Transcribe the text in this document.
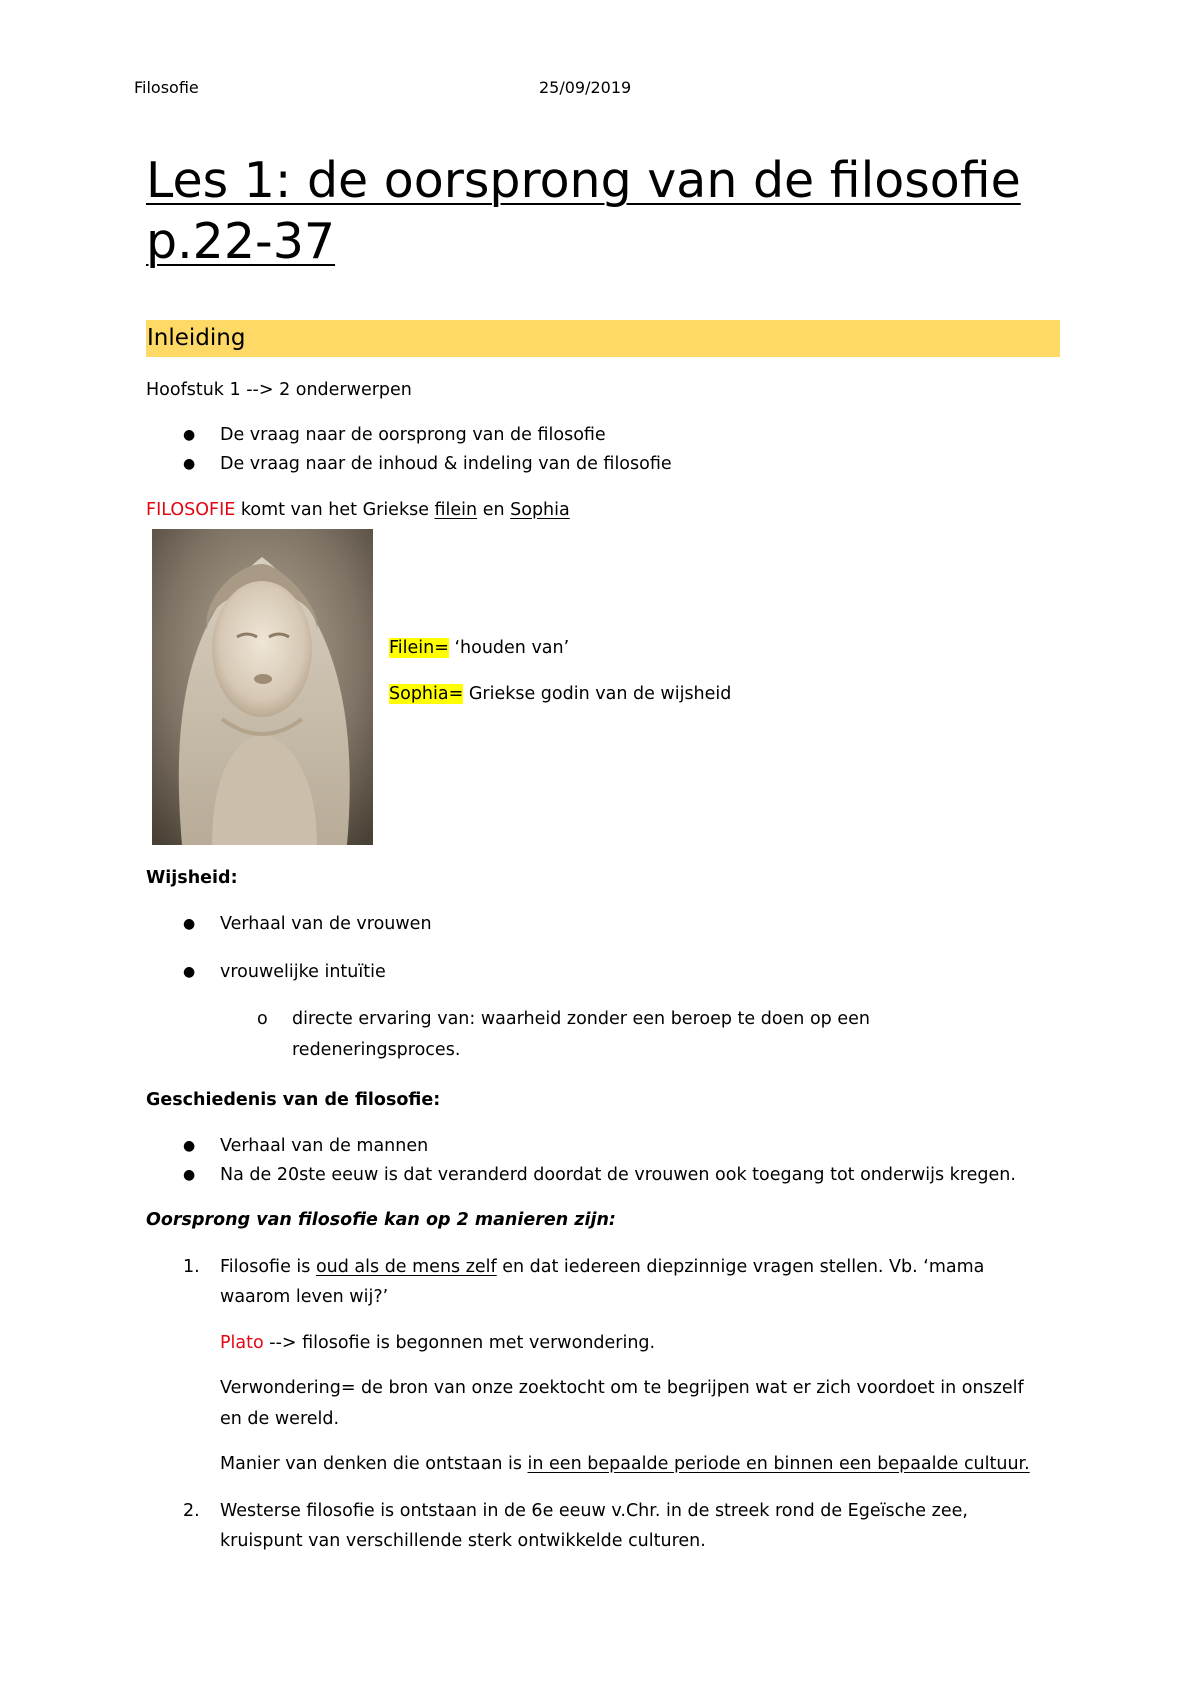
Filosofie	25/09/2019
Les 1: de oorsprong van de filosofie p.22-37
Inleiding
Hoofstuk 1 --> 2 onderwerpen
● De vraag naar de oorsprong van de filosofie
● De vraag naar de inhoud & indeling van de filosofie
FILOSOFIE komt van het Griekse filein en Sophia
Filein= ‘houden van’
Sophia= Griekse godin van de wijsheid
Wijsheid:
● Verhaal van de vrouwen
● vrouwelijke intuïtie
o directe ervaring van: waarheid zonder een beroep te doen op een
redeneringsproces.
Geschiedenis van de filosofie:
● Verhaal van de mannen
● Na de 20ste eeuw is dat veranderd doordat de vrouwen ook toegang tot onderwijs kregen.
Oorsprong van filosofie kan op 2 manieren zijn:
1. Filosofie is oud als de mens zelf en dat iedereen diepzinnige vragen stellen. Vb. ‘mama
waarom leven wij?’
Plato --> filosofie is begonnen met verwondering.
Verwondering= de bron van onze zoektocht om te begrijpen wat er zich voordoet in onszelf
en de wereld.
Manier van denken die ontstaan is in een bepaalde periode en binnen een bepaalde cultuur.
2. Westerse filosofie is ontstaan in de 6e eeuw v.Chr. in de streek rond de Egeïsche zee,
kruispunt van verschillende sterk ontwikkelde culturen.
